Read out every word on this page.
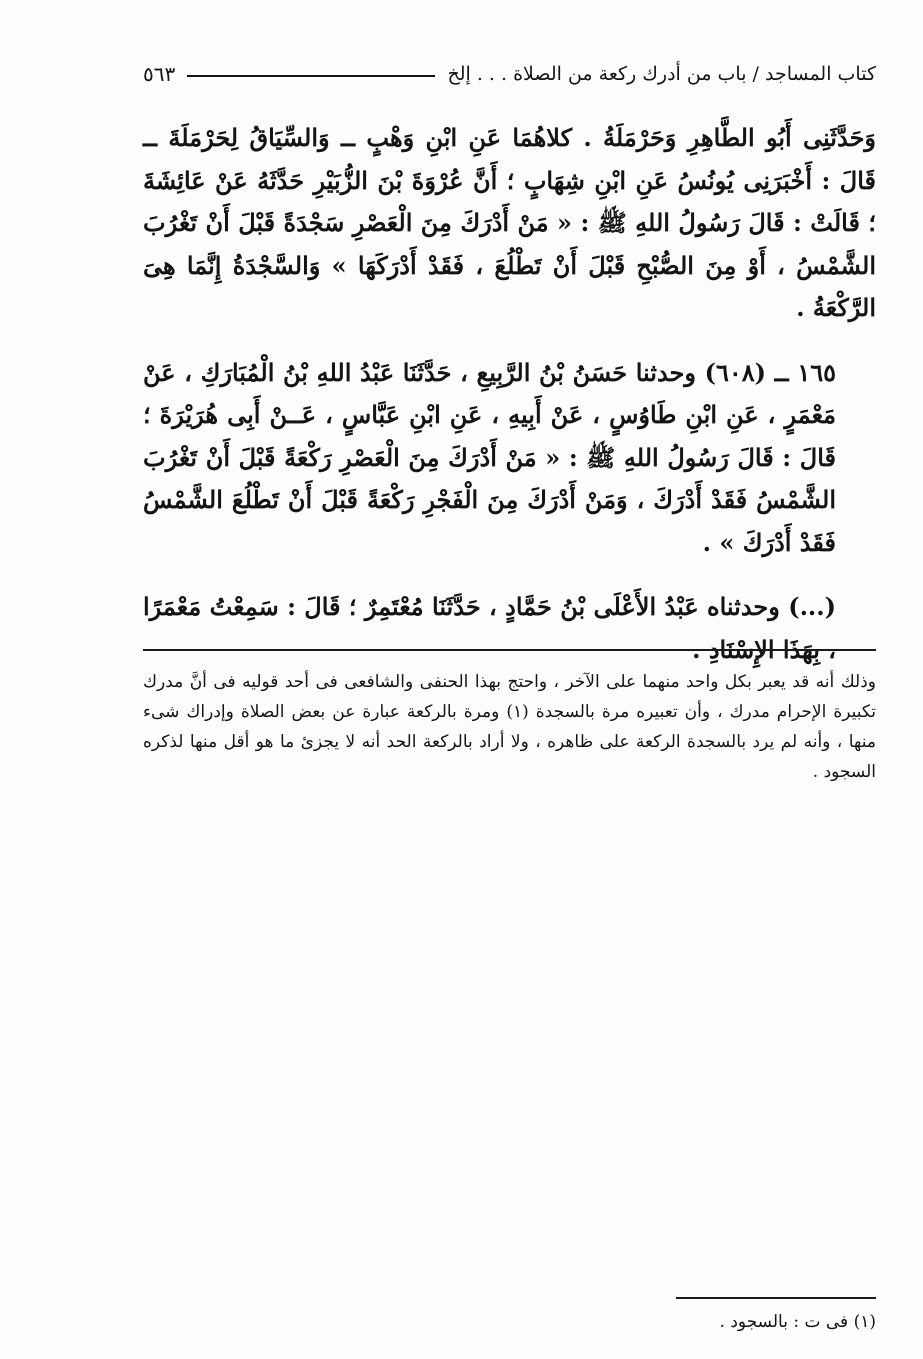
كتاب المساجد / باب من أدرك ركعة من الصلاة . . . إلخ
٥٦٣

وَحَدَّثَنِى أَبُو الطَّاهِرِ وَحَرْمَلَةُ . كلاهُمَا عَنِ ابْنِ وَهْبٍ ــ وَالسِّيَاقُ لِحَرْمَلَةَ ــ قَالَ : أَخْبَرَنِى يُونُسُ عَنِ ابْنِ شِهَابٍ ؛ أَنَّ عُرْوَةَ بْنَ الزُّبَيْرِ حَدَّثَهُ عَنْ عَائِشَةَ ؛ قَالَتْ : قَالَ رَسُولُ اللهِ ﷺ : « مَنْ أَدْرَكَ مِنَ الْعَصْرِ سَجْدَةً قَبْلَ أَنْ تَغْرُبَ الشَّمْسُ ، أَوْ مِنَ الصُّبْحِ قَبْلَ أَنْ تَطْلُعَ ، فَقَدْ أَدْرَكَهَا » وَالسَّجْدَةُ إِنَّمَا هِىَ الرَّكْعَةُ .

١٦٥ ــ (٦٠٨) وحدثنا حَسَنُ بْنُ الرَّبِيعِ ، حَدَّثَنَا عَبْدُ اللهِ بْنُ الْمُبَارَكِ ، عَنْ مَعْمَرٍ ، عَنِ ابْنِ طَاوُسٍ ، عَنْ أَبِيهِ ، عَنِ ابْنِ عَبَّاسٍ ، عَــنْ أَبِى هُرَيْرَةَ ؛ قَالَ : قَالَ رَسُولُ اللهِ ﷺ : « مَنْ أَدْرَكَ مِنَ الْعَصْرِ رَكْعَةً قَبْلَ أَنْ تَغْرُبَ الشَّمْسُ فَقَدْ أَدْرَكَ ، وَمَنْ أَدْرَكَ مِنَ الْفَجْرِ رَكْعَةً قَبْلَ أَنْ تَطْلُعَ الشَّمْسُ فَقَدْ أَدْرَكَ » .

(...) وحدثناه عَبْدُ الأَعْلَى بْنُ حَمَّادٍ ، حَدَّثَنَا مُعْتَمِرٌ ؛ قَالَ : سَمِعْتُ مَعْمَرًا ، بِهَذَا الإِسْنَادِ .

وذلك أنه قد يعبر بكل واحد منهما على الآخر ، واحتج بهذا الحنفى والشافعى فى أحد قوليه فى أنَّ مدرك تكبيرة الإحرام مدرك ، وأن تعبيره مرة بالسجدة (١) ومرة بالركعة عبارة عن بعض الصلاة وإدراك شىء منها ، وأنه لم يرد بالسجدة الركعة على ظاهره ، ولا أراد بالركعة الحد أنه لا يجزئ ما هو أقل منها لذكره السجود .

(١) فى ت : بالسجود .
